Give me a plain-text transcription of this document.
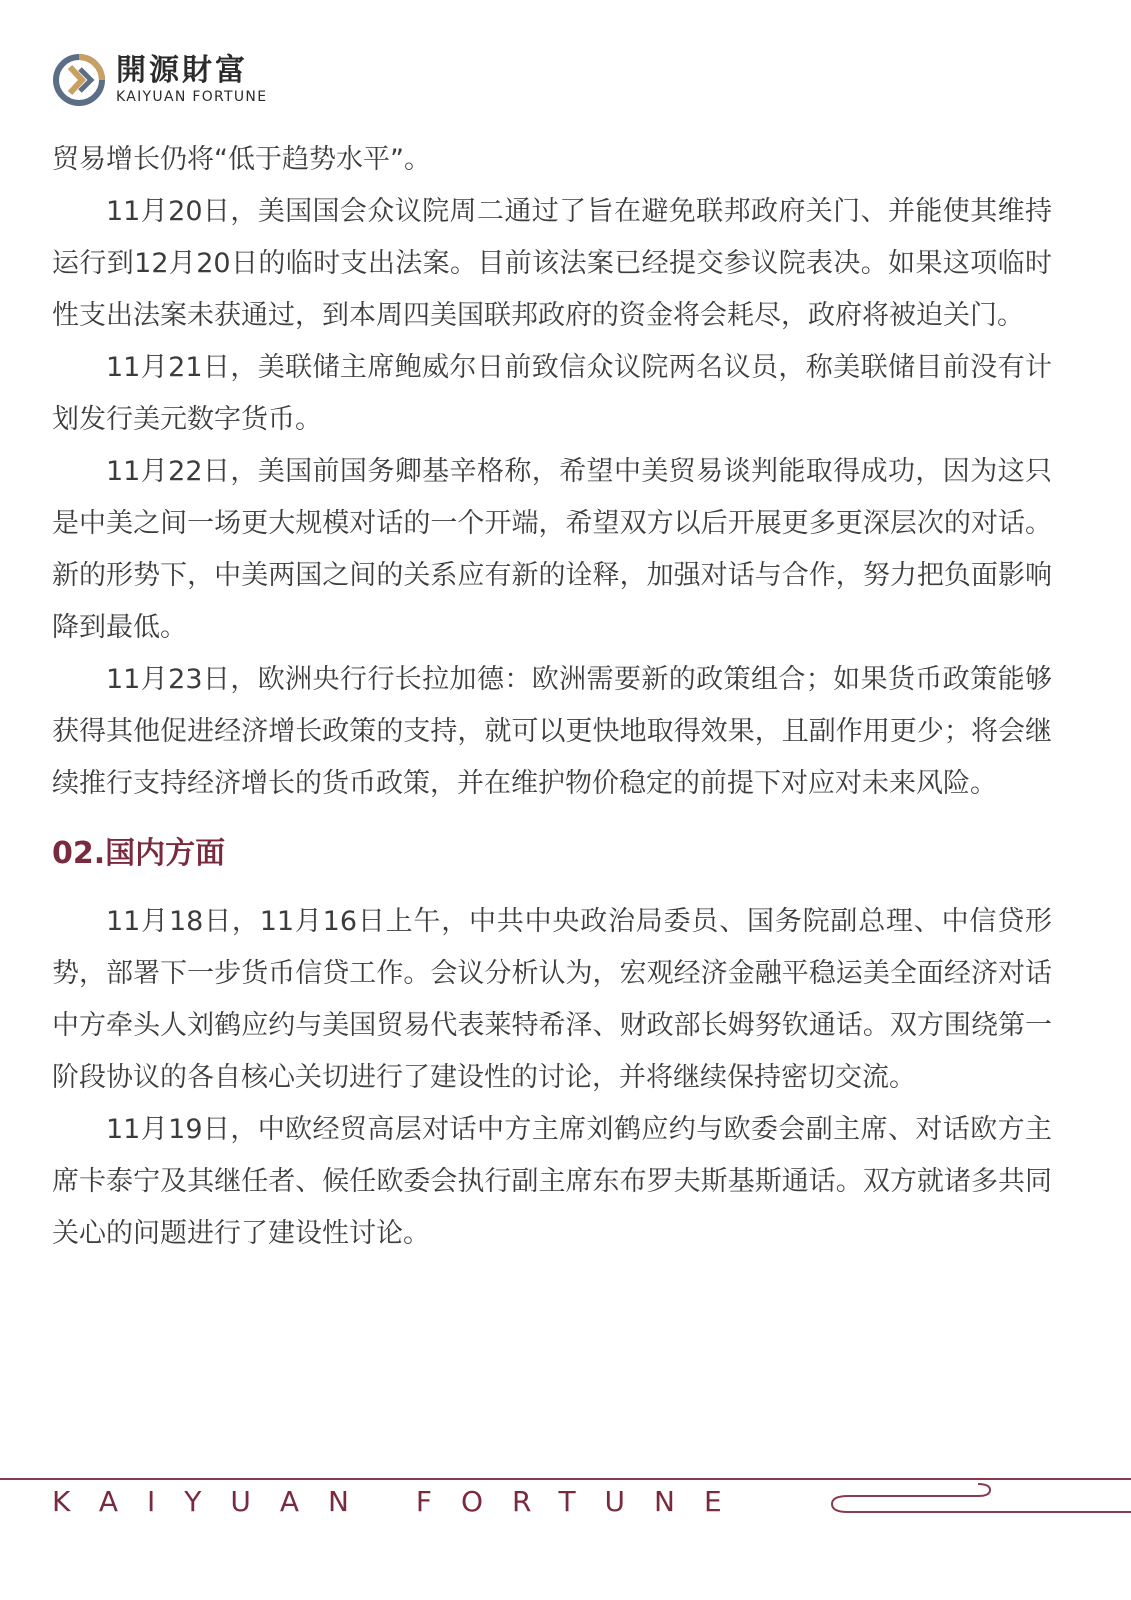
開源財富
KAIYUAN FORTUNE

贸易增长仍将“低于趋势水平”。

11月20日，美国国会众议院周二通过了旨在避免联邦政府关门、并能使其维持运行到12月20日的临时支出法案。目前该法案已经提交参议院表决。如果这项临时性支出法案未获通过，到本周四美国联邦政府的资金将会耗尽，政府将被迫关门。

11月21日，美联储主席鲍威尔日前致信众议院两名议员，称美联储目前没有计划发行美元数字货币。

11月22日，美国前国务卿基辛格称，希望中美贸易谈判能取得成功，因为这只是中美之间一场更大规模对话的一个开端，希望双方以后开展更多更深层次的对话。新的形势下，中美两国之间的关系应有新的诠释，加强对话与合作，努力把负面影响降到最低。

11月23日，欧洲央行行长拉加德：欧洲需要新的政策组合；如果货币政策能够获得其他促进经济增长政策的支持，就可以更快地取得效果，且副作用更少；将会继续推行支持经济增长的货币政策，并在维护物价稳定的前提下对应对未来风险。

02.国内方面

11月18日，11月16日上午，中共中央政治局委员、国务院副总理、中信贷形势，部署下一步货币信贷工作。会议分析认为，宏观经济金融平稳运美全面经济对话中方牵头人刘鹤应约与美国贸易代表莱特希泽、财政部长姆努钦通话。双方围绕第一阶段协议的各自核心关切进行了建设性的讨论，并将继续保持密切交流。

11月19日，中欧经贸高层对话中方主席刘鹤应约与欧委会副主席、对话欧方主席卡泰宁及其继任者、候任欧委会执行副主席东布罗夫斯基斯通话。双方就诸多共同关心的问题进行了建设性讨论。

KAIYUAN FORTUNE
